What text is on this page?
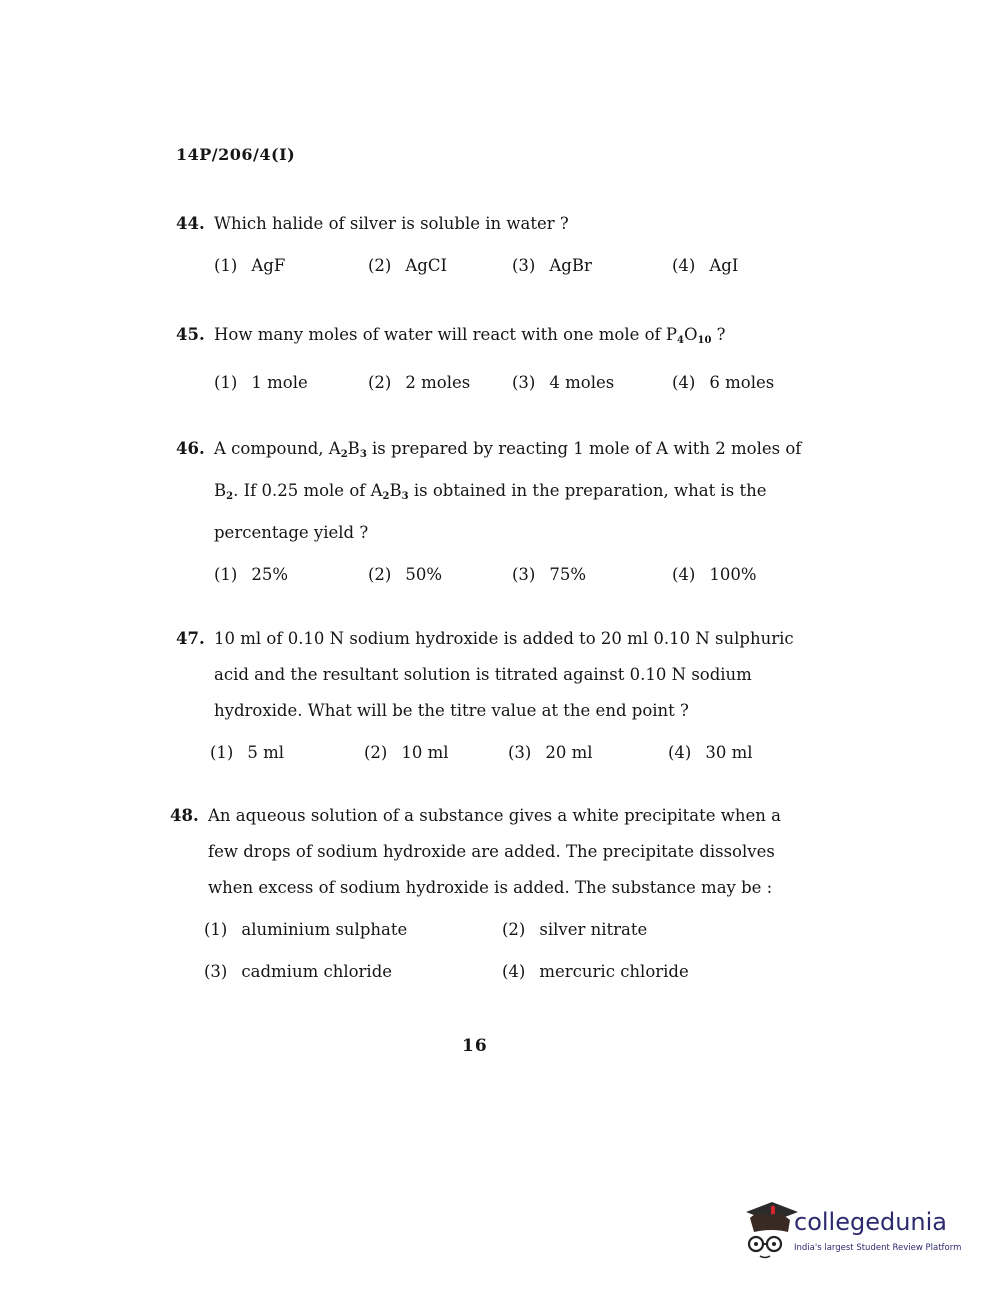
14P/206/4(I)
44. Which halide of silver is soluble in water ?
(1) AgF	(2) AgCI	(3) AgBr	(4) AgI
45. How many moles of water will react with one mole of $P_4O_{10}$ ?
(1) 1 mole	(2) 2 moles	(3) 4 moles	(4) 6 moles
46. A compound, $A_2B_3$ is prepared by reacting 1 mole of A with 2 moles of
$B_2$. If 0.25 mole of $A_2B_3$ is obtained in the preparation, what is the
percentage yield ?
(1) 25%	(2) 50%	(3) 75%	(4) 100%
47. 10 ml of 0.10 N sodium hydroxide is added to 20 ml 0.10 N sulphuric
acid and the resultant solution is titrated against 0.10 N sodium
hydroxide. What will be the titre value at the end point ?
(1) 5 ml	(2) 10 ml	(3) 20 ml	(4) 30 ml
48. An aqueous solution of a substance gives a white precipitate when a
few drops of sodium hydroxide are added. The precipitate dissolves
when excess of sodium hydroxide is added. The substance may be :
(1) aluminium sulphate	(2) silver nitrate
(3) cadmium chloride	(4) mercuric chloride
16
collegedunia
India's largest Student Review Platform
